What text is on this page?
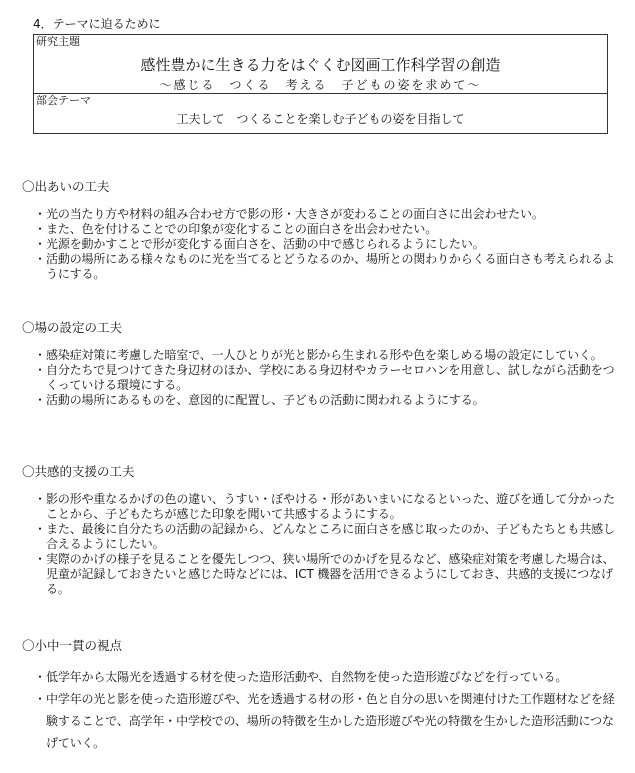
4．テーマに迫るために
研究主題
感性豊かに生きる力をはぐくむ図画工作科学習の創造
～感じる　つくる　考える　子どもの姿を求めて～
部会テーマ
工夫して　つくることを楽しむ子どもの姿を目指して
〇出あいの工夫
・ 光の当たり方や材料の組み合わせ方で影の形・大きさが変わることの面白さに出会わせたい。
・ また、色を付けることでの印象が変化することの面白さを出会わせたい。
・ 光源を動かすことで形が変化する面白さを、活動の中で感じられるようにしたい。
・ 活動の場所にある様々なものに光を当てるとどうなるのか、場所との関わりからくる面白さも考えられるようにする。
〇場の設定の工夫
・ 感染症対策に考慮した暗室で、一人ひとりが光と影から生まれる形や色を楽しめる場の設定にしていく。
・ 自分たちで見つけてきた身辺材のほか、学校にある身辺材やカラーセロハンを用意し、試しながら活動をつくっていける環境にする。
・ 活動の場所にあるものを、意図的に配置し、子どもの活動に関われるようにする。
〇共感的支援の工夫
・ 影の形や重なるかげの色の違い、うすい・ぼやける・形があいまいになるといった、遊びを通して分かったことから、子どもたちが感じた印象を聞いて共感するようにする。
・ また、最後に自分たちの活動の記録から、どんなところに面白さを感じ取ったのか、子どもたちとも共感し合えるようにしたい。
・ 実際のかげの様子を見ることを優先しつつ、狭い場所でのかげを見るなど、感染症対策を考慮した場合は、児童が記録しておきたいと感じた時などには、ICT 機器を活用できるようにしておき、共感的支援につなげる。
〇小中一貫の視点
・ 低学年から太陽光を透過する材を使った造形活動や、自然物を使った造形遊びなどを行っている。
・ 中学年の光と影を使った造形遊びや、光を透過する材の形・色と自分の思いを関連付けた工作題材などを経験することで、高学年・中学校での、場所の特徴を生かした造形遊びや光の特徴を生かした造形活動につなげていく。
